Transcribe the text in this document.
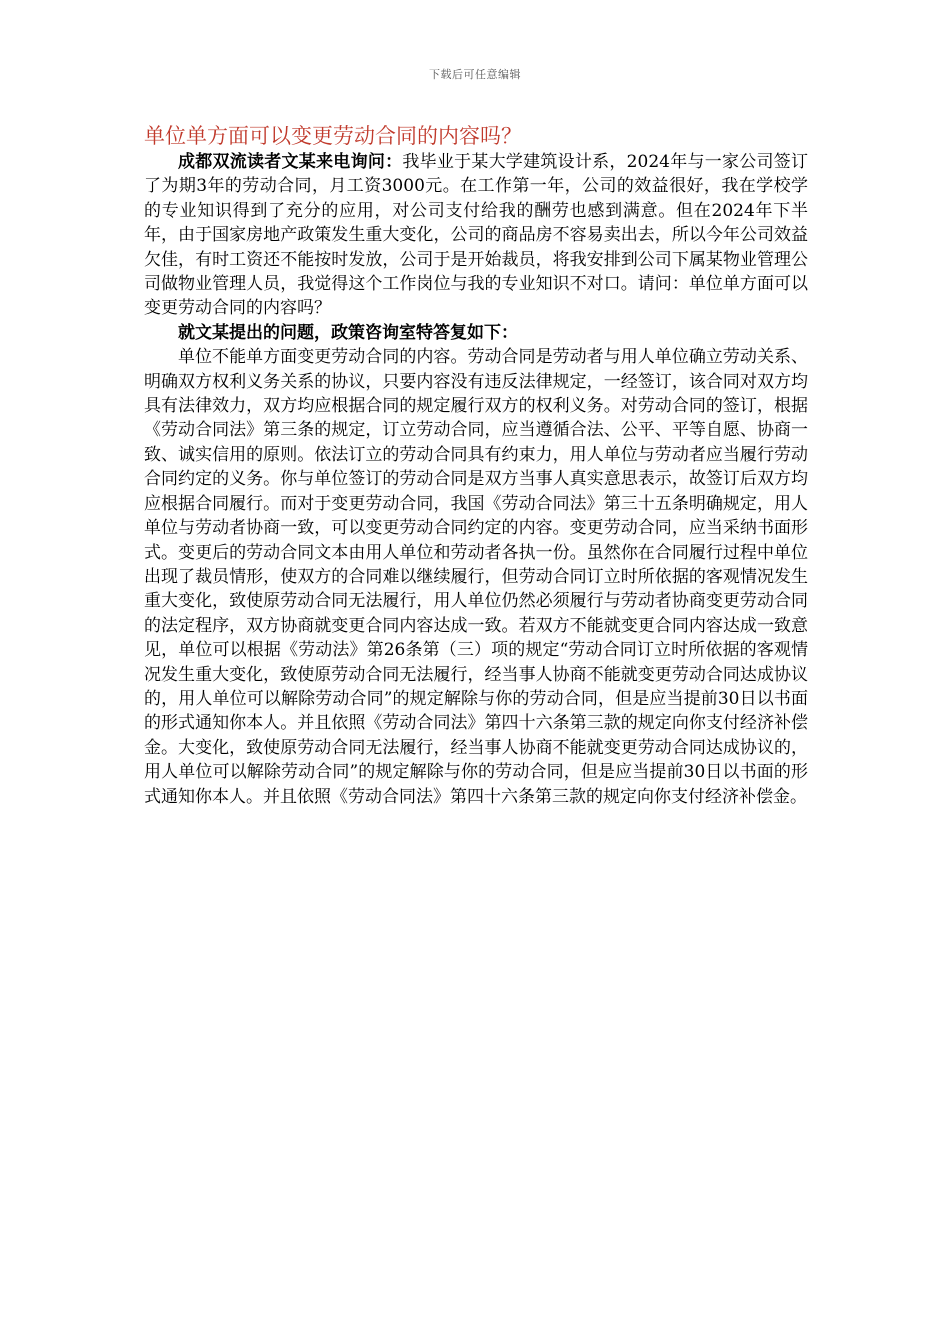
下载后可任意编辑
单位单方面可以变更劳动合同的内容吗？

成都双流读者文某来电询问：我毕业于某大学建筑设计系，2024年与一家公司签订了为期3年的劳动合同，月工资3000元。在工作第一年，公司的效益很好，我在学校学的专业知识得到了充分的应用，对公司支付给我的酬劳也感到满意。但在2024年下半年，由于国家房地产政策发生重大变化，公司的商品房不容易卖出去，所以今年公司效益欠佳，有时工资还不能按时发放，公司于是开始裁员，将我安排到公司下属某物业管理公司做物业管理人员，我觉得这个工作岗位与我的专业知识不对口。请问：单位单方面可以变更劳动合同的内容吗？

就文某提出的问题，政策咨询室特答复如下：

单位不能单方面变更劳动合同的内容。劳动合同是劳动者与用人单位确立劳动关系、明确双方权利义务关系的协议，只要内容没有违反法律规定，一经签订，该合同对双方均具有法律效力，双方均应根据合同的规定履行双方的权利义务。对劳动合同的签订，根据《劳动合同法》第三条的规定，订立劳动合同，应当遵循合法、公平、平等自愿、协商一致、诚实信用的原则。依法订立的劳动合同具有约束力，用人单位与劳动者应当履行劳动合同约定的义务。你与单位签订的劳动合同是双方当事人真实意思表示，故签订后双方均应根据合同履行。而对于变更劳动合同，我国《劳动合同法》第三十五条明确规定，用人单位与劳动者协商一致，可以变更劳动合同约定的内容。变更劳动合同，应当采纳书面形式。变更后的劳动合同文本由用人单位和劳动者各执一份。虽然你在合同履行过程中单位出现了裁员情形，使双方的合同难以继续履行，但劳动合同订立时所依据的客观情况发生重大变化，致使原劳动合同无法履行，用人单位仍然必须履行与劳动者协商变更劳动合同的法定程序，双方协商就变更合同内容达成一致。若双方不能就变更合同内容达成一致意见，单位可以根据《劳动法》第26条第（三）项的规定“劳动合同订立时所依据的客观情况发生重大变化，致使原劳动合同无法履行，经当事人协商不能就变更劳动合同达成协议的，用人单位可以解除劳动合同”的规定解除与你的劳动合同，但是应当提前30日以书面的形式通知你本人。并且依照《劳动合同法》第四十六条第三款的规定向你支付经济补偿金。大变化，致使原劳动合同无法履行，经当事人协商不能就变更劳动合同达成协议的，用人单位可以解除劳动合同”的规定解除与你的劳动合同，但是应当提前30日以书面的形式通知你本人。并且依照《劳动合同法》第四十六条第三款的规定向你支付经济补偿金。
